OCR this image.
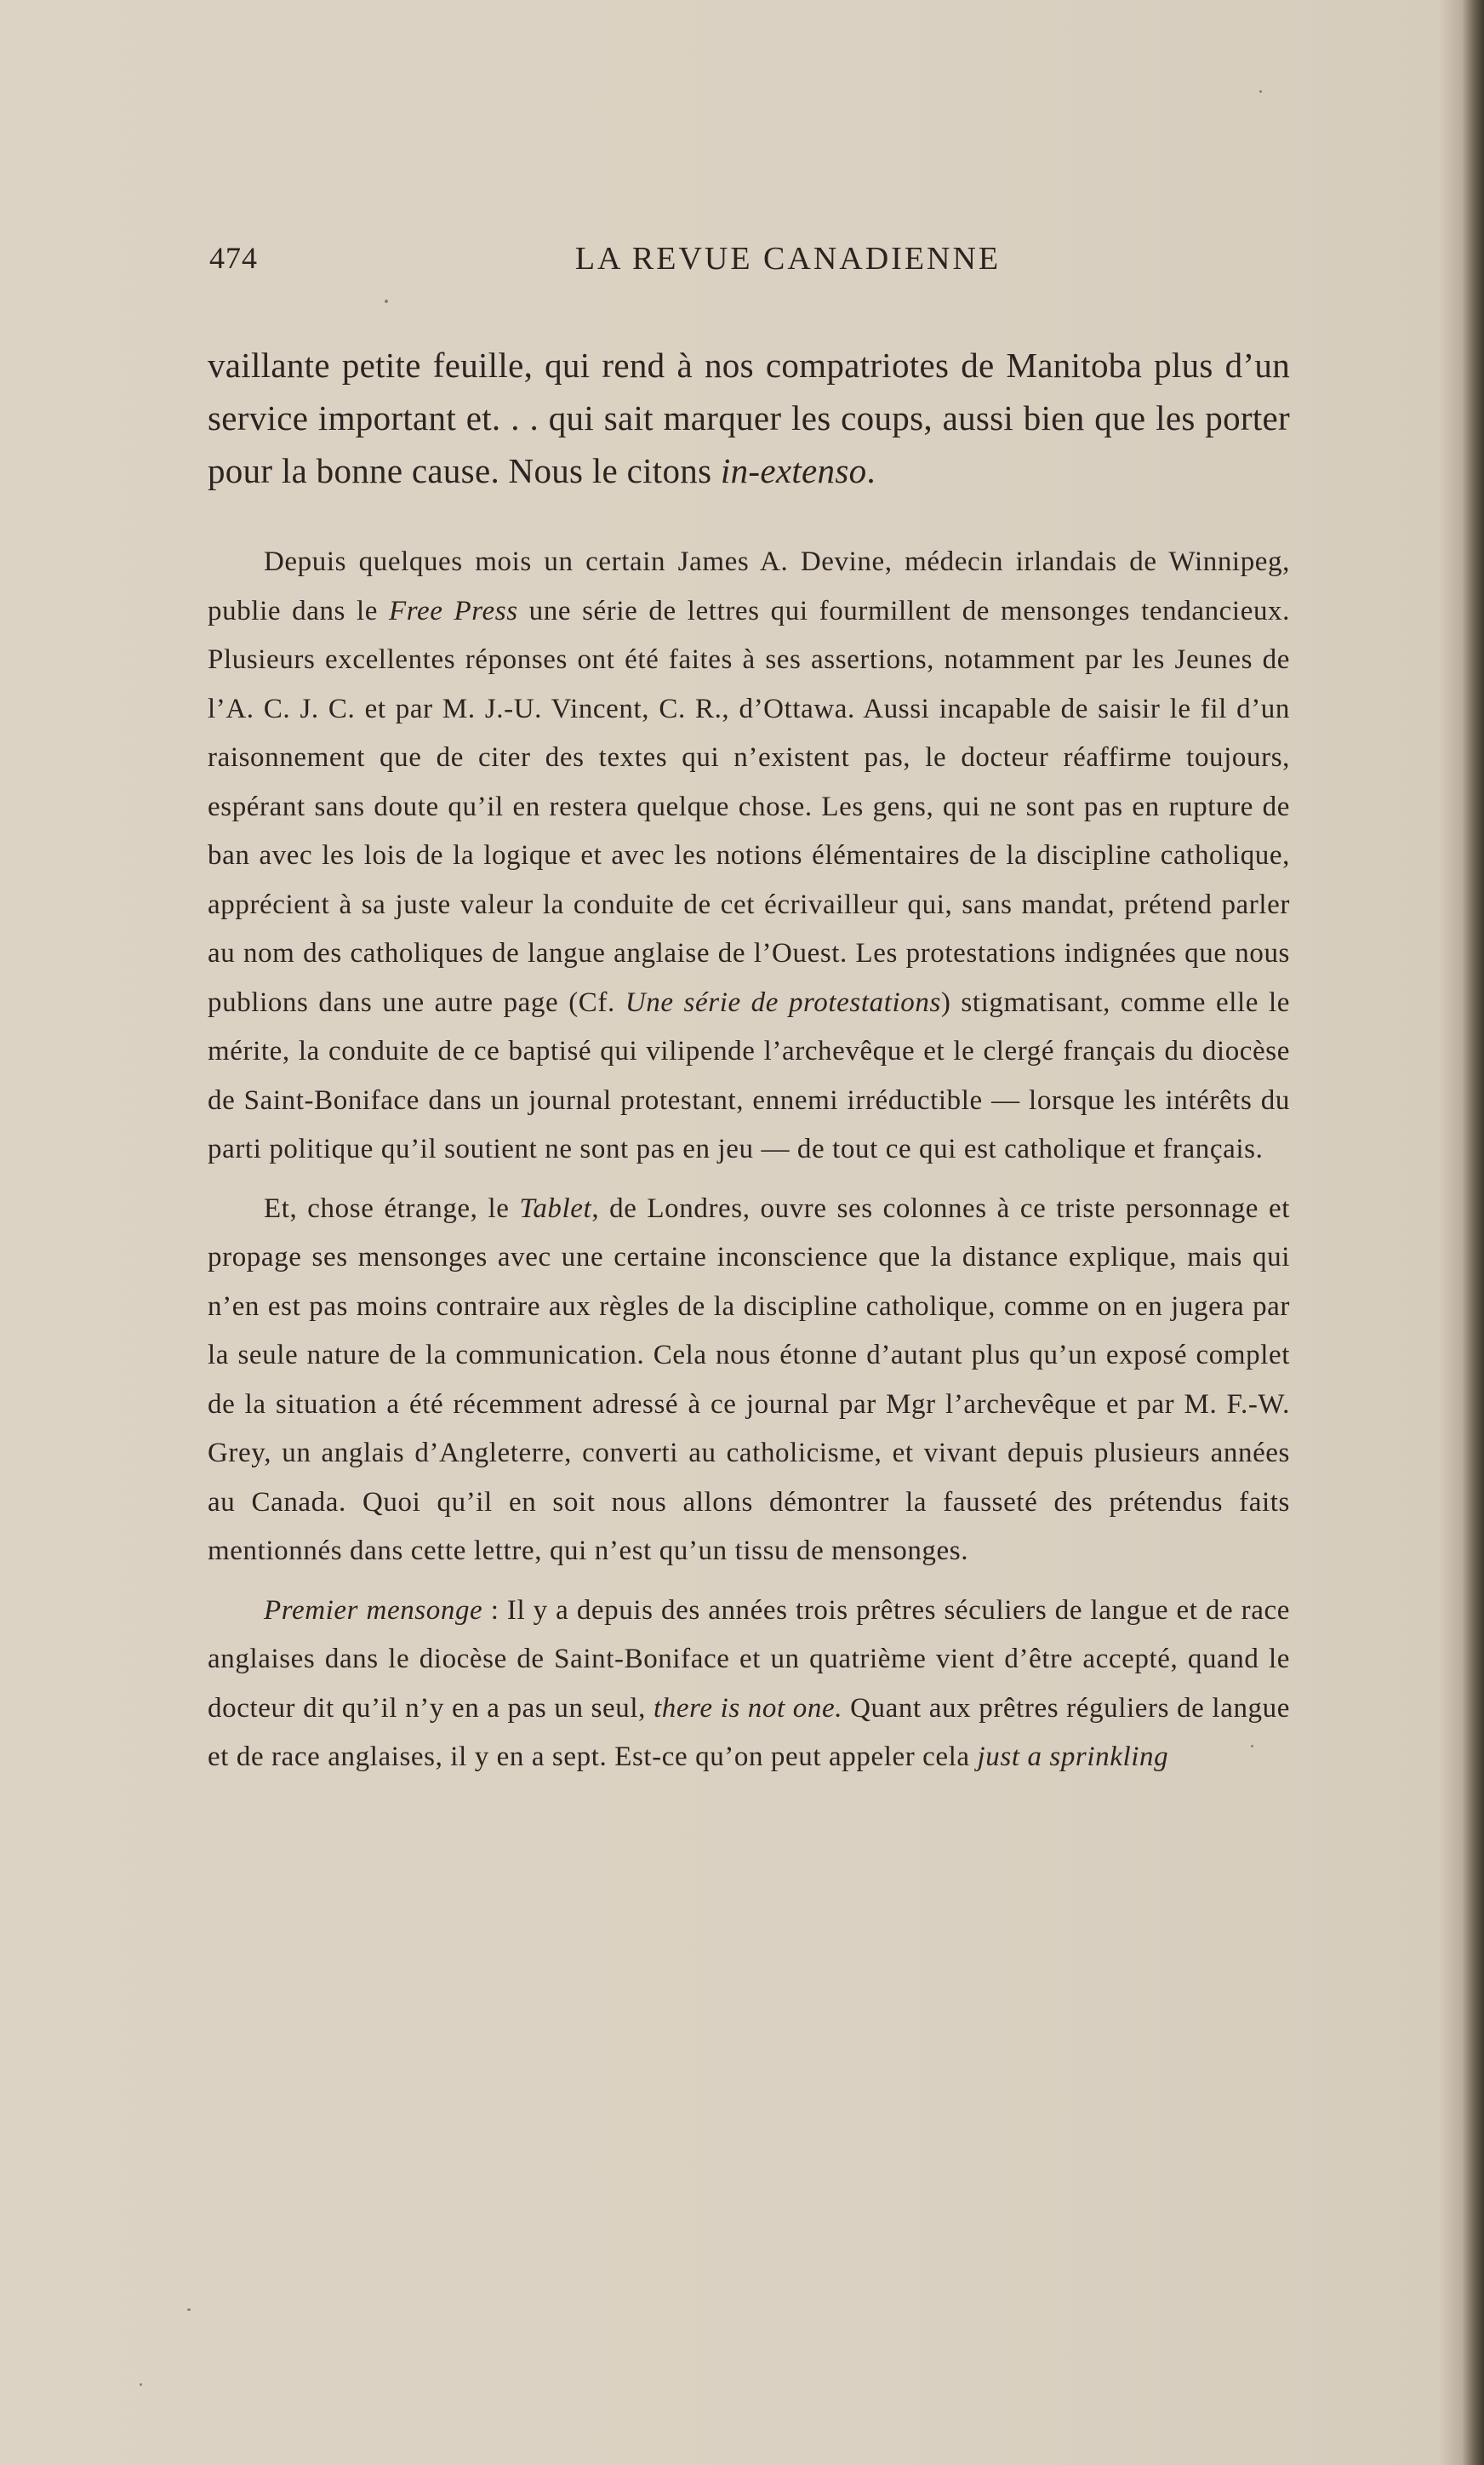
474	LA REVUE CANADIENNE

vaillante petite feuille, qui rend à nos compatriotes de Manitoba plus d’un service important et. . . qui sait marquer les coups, aussi bien que les porter pour la bonne cause. Nous le citons in-extenso.

Depuis quelques mois un certain James A. Devine, médecin irlandais de Winnipeg, publie dans le Free Press une série de lettres qui fourmillent de mensonges tendancieux. Plusieurs excellentes réponses ont été faites à ses assertions, notamment par les Jeunes de l’A. C. J. C. et par M. J.-U. Vincent, C. R., d’Ottawa. Aussi incapable de saisir le fil d’un raisonnement que de citer des textes qui n’existent pas, le docteur réaffirme toujours, espérant sans doute qu’il en restera quelque chose. Les gens, qui ne sont pas en rupture de ban avec les lois de la logique et avec les notions élémentaires de la discipline catholique, apprécient à sa juste valeur la conduite de cet écrivailleur qui, sans mandat, prétend parler au nom des catholiques de langue anglaise de l’Ouest. Les protestations indignées que nous publions dans une autre page (Cf. Une série de protestations) stigmatisant, comme elle le mérite, la conduite de ce baptisé qui vilipende l’archevêque et le clergé français du diocèse de Saint-Boniface dans un journal protestant, ennemi irréductible — lorsque les intérêts du parti politique qu’il soutient ne sont pas en jeu — de tout ce qui est catholique et français.

Et, chose étrange, le Tablet, de Londres, ouvre ses colonnes à ce triste personnage et propage ses mensonges avec une certaine inconscience que la distance explique, mais qui n’en est pas moins contraire aux règles de la discipline catholique, comme on en jugera par la seule nature de la communication. Cela nous étonne d’autant plus qu’un exposé complet de la situation a été récemment adressé à ce journal par Mgr l’archevêque et par M. F.-W. Grey, un anglais d’Angleterre, converti au catholicisme, et vivant depuis plusieurs années au Canada. Quoi qu’il en soit nous allons démontrer la fausseté des prétendus faits mentionnés dans cette lettre, qui n’est qu’un tissu de mensonges.

Premier mensonge : Il y a depuis des années trois prêtres séculiers de langue et de race anglaises dans le diocèse de Saint-Boniface et un quatrième vient d’être accepté, quand le docteur dit qu’il n’y en a pas un seul, there is not one. Quant aux prêtres réguliers de langue et de race anglaises, il y en a sept. Est-ce qu’on peut appeler cela just a sprinkling
